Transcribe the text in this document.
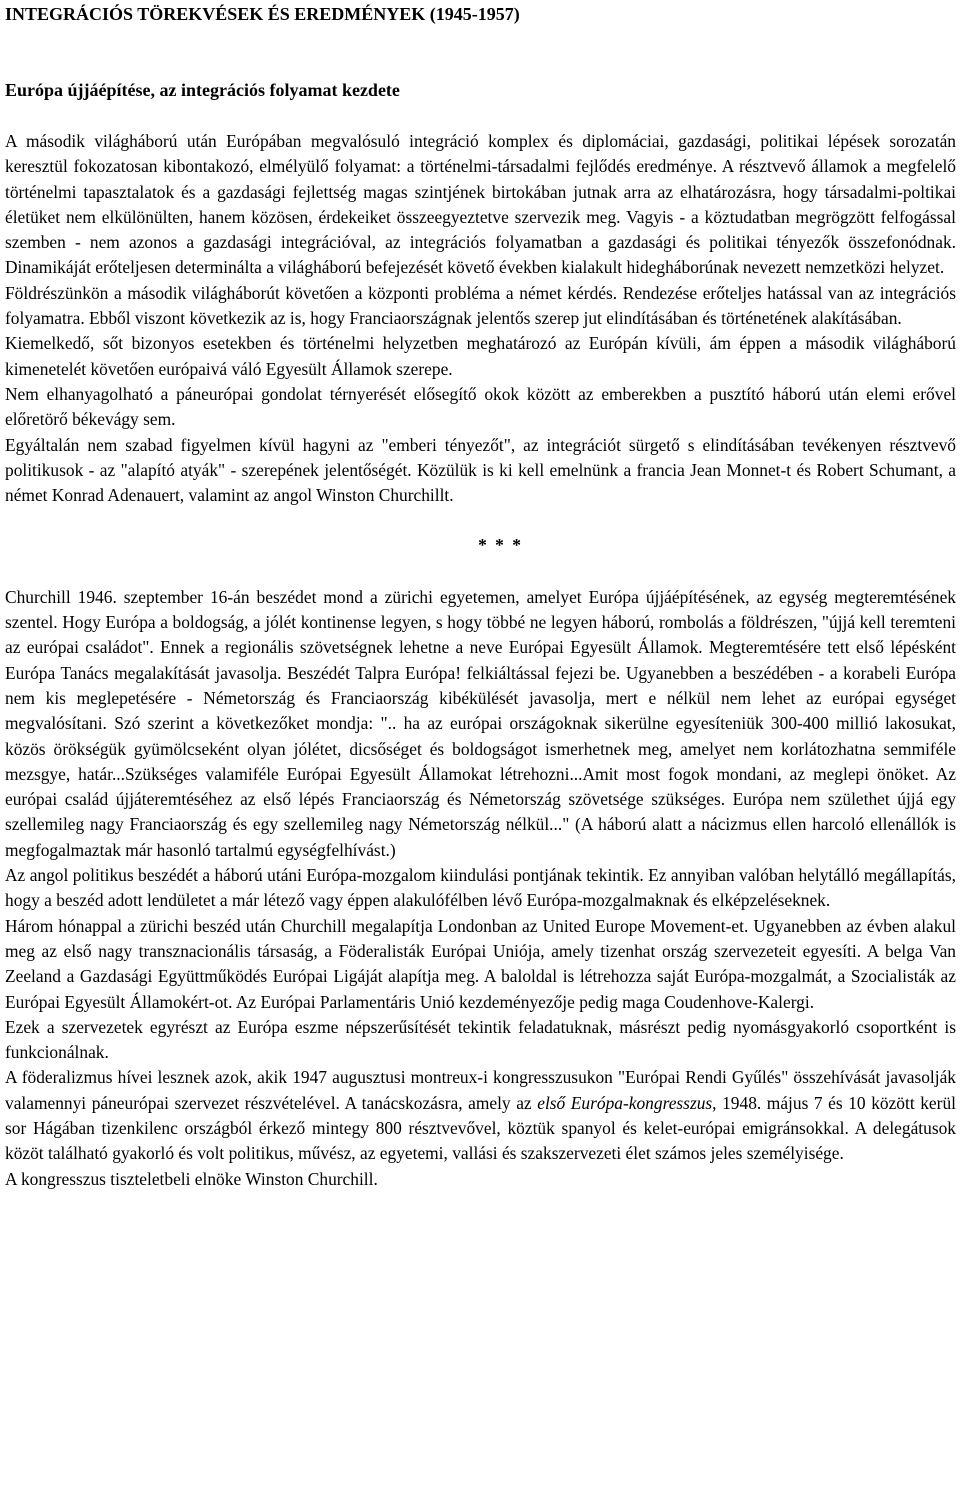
INTEGRÁCIÓS TÖREKVÉSEK ÉS EREDMÉNYEK (1945-1957)
Európa újjáépítése, az integrációs folyamat kezdete

A második világháború után Európában megvalósuló integráció komplex és diplomáciai, gazdasági, politikai lépések sorozatán keresztül fokozatosan kibontakozó, elmélyülő folyamat: a történelmi-társadalmi fejlődés eredménye. A résztvevő államok a megfelelő történelmi tapasztalatok és a gazdasági fejlettség magas szintjének birtokában jutnak arra az elhatározásra, hogy társadalmi-poltikai életüket nem elkülönülten, hanem közösen, érdekeiket összeegyeztetve szervezik meg. Vagyis - a köztudatban megrögzött felfogással szemben - nem azonos a gazdasági integrációval, az integrációs folyamatban a gazdasági és politikai tényezők összefonódnak. Dinamikáját erőteljesen determinálta a világháború befejezését követő években kialakult hidegháborúnak nevezett nemzetközi helyzet.

Földrészünkön a második világháborút követően a központi probléma a német kérdés. Rendezése erőteljes hatással van az integrációs folyamatra. Ebből viszont következik az is, hogy Franciaországnak jelentős szerep jut elindításában és történetének alakításában.

Kiemelkedő, sőt bizonyos esetekben és történelmi helyzetben meghatározó az Európán kívüli, ám éppen a második világháború kimenetelét követően európaivá váló Egyesült Államok szerepe.

Nem elhanyagolható a páneurópai gondolat térnyerését elősegítő okok között az emberekben a pusztító háború után elemi erővel előretörő békevágy sem.

Egyáltalán nem szabad figyelmen kívül hagyni az "emberi tényezőt", az integrációt sürgető s elindításában tevékenyen résztvevő politikusok - az "alapító atyák" - szerepének jelentőségét. Közülük is ki kell emelnünk a francia Jean Monnet-t és Robert Schumant, a német Konrad Adenauert, valamint az angol Winston Churchillt.

* * *

Churchill 1946. szeptember 16-án beszédet mond a zürichi egyetemen, amelyet Európa újjáépítésének, az egység megteremtésének szentel. Hogy Európa a boldogság, a jólét kontinense legyen, s hogy többé ne legyen háború, rombolás a földrészen, "újjá kell teremteni az európai családot". Ennek a regionális szövetségnek lehetne a neve Európai Egyesült Államok. Megteremtésére tett első lépésként Európa Tanács megalakítását javasolja. Beszédét Talpra Európa! felkiáltással fejezi be. Ugyanebben a beszédében - a korabeli Európa nem kis meglepetésére - Németország és Franciaország kibékülését javasolja, mert e nélkül nem lehet az európai egységet megvalósítani. Szó szerint a következőket mondja: ".. ha az európai országoknak sikerülne egyesíteniük 300-400 millió lakosukat, közös örökségük gyümölcseként olyan jólétet, dicsőséget és boldogságot ismerhetnek meg, amelyet nem korlátozhatna semmiféle mezsgye, határ...Szükséges valamiféle Európai Egyesült Államokat létrehozni...Amit most fogok mondani, az meglepi önöket. Az európai család újjáteremtéséhez az első lépés Franciaország és Németország szövetsége szükséges. Európa nem születhet újjá egy szellemileg nagy Franciaország és egy szellemileg nagy Németország nélkül..." (A háború alatt a nácizmus ellen harcoló ellenállók is megfogalmaztak már hasonló tartalmú egységfelhívást.)

Az angol politikus beszédét a háború utáni Európa-mozgalom kiindulási pontjának tekintik. Ez annyiban valóban helytálló megállapítás, hogy a beszéd adott lendületet a már létező vagy éppen alakulófélben lévő Európa-mozgalmaknak és elképzeléseknek.

Három hónappal a zürichi beszéd után Churchill megalapítja Londonban az United Europe Movement-et. Ugyanebben az évben alakul meg az első nagy transznacionális társaság, a Föderalisták Európai Uniója, amely tizenhat ország szervezeteit egyesíti. A belga Van Zeeland a Gazdasági Együttműködés Európai Ligáját alapítja meg. A baloldal is létrehozza saját Európa-mozgalmát, a Szocialisták az Európai Egyesült Államokért-ot. Az Európai Parlamentáris Unió kezdeményezője pedig maga Coudenhove-Kalergi.

Ezek a szervezetek egyrészt az Európa eszme népszerűsítését tekintik feladatuknak, másrészt pedig nyomásgyakorló csoportként is funkcionálnak.

A föderalizmus hívei lesznek azok, akik 1947 augusztusi montreux-i kongresszusukon "Európai Rendi Gyűlés" összehívását javasolják valamennyi páneurópai szervezet részvételével. A tanácskozásra, amely az első Európa-kongresszus, 1948. május 7 és 10 között kerül sor Hágában tizenkilenc országból érkező mintegy 800 résztvevővel, köztük spanyol és kelet-európai emigránsokkal. A delegátusok közöt található gyakorló és volt politikus, művész, az egyetemi, vallási és szakszervezeti élet számos jeles személyisége.

A kongresszus tiszteletbeli elnöke Winston Churchill.
